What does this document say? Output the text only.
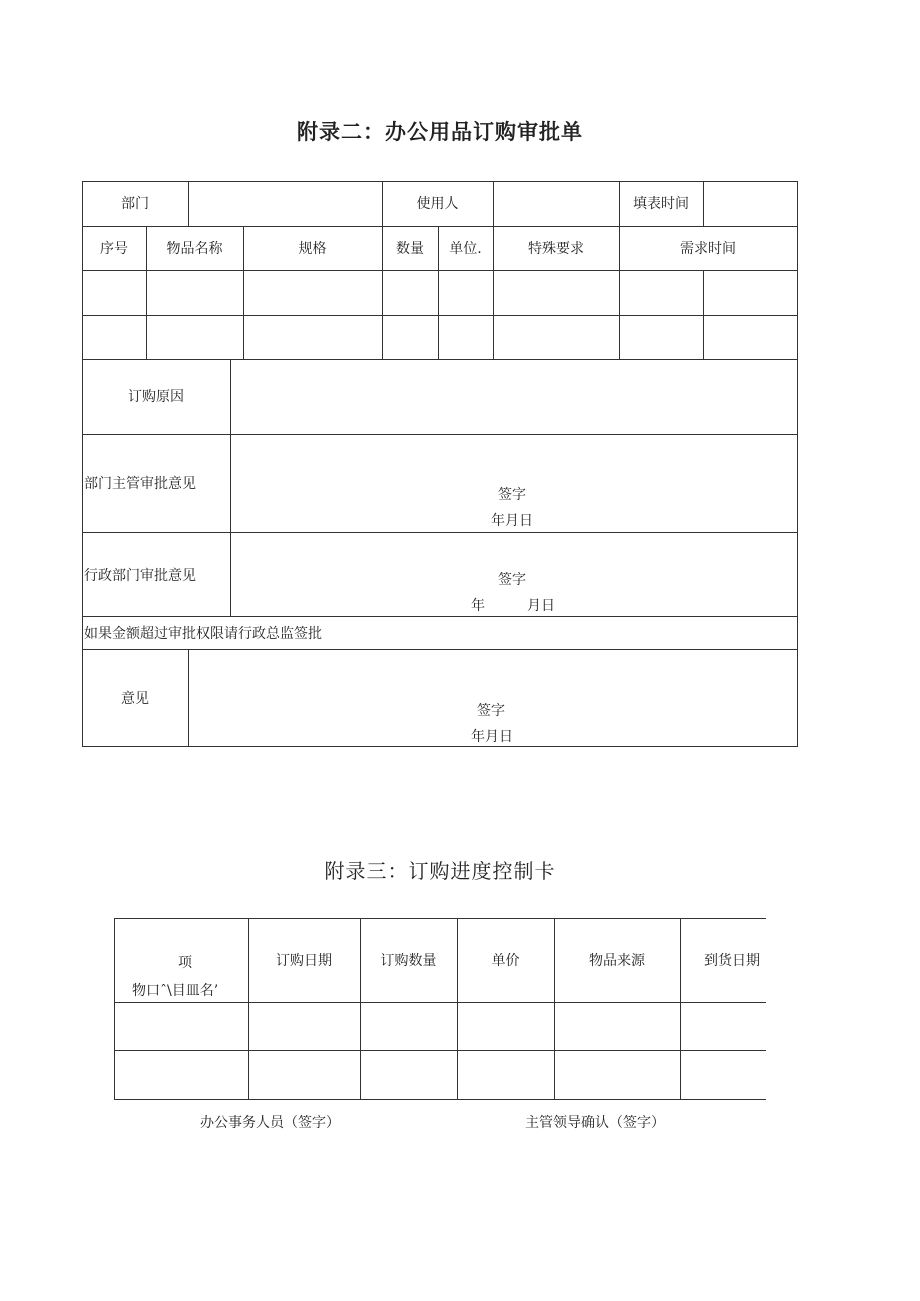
附录二：办公用品订购审批单
部门	使用人	填表时间
序号	物品名称	规格	数量	单位.	特殊要求	需求时间
订购原因
部门主管审批意见
签字
年月日
行政部门审批意见	签字
年	月日
如果金额超过审批权限请行政总监签批
意见
签字
年月日
附录三：订购进度控制卡
项
物口ˆ\目皿名’
订购日期	订购数量	单价	物品来源	到货日期
办公事务人员（签字）	主管领导确认（签字）
